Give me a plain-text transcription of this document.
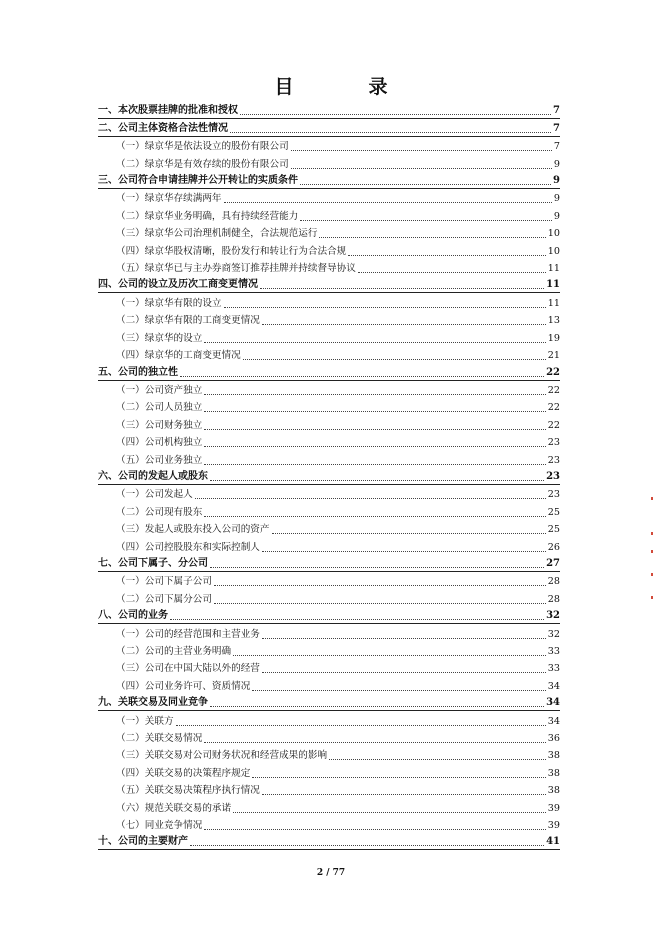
目　录
一、本次股票挂牌的批准和授权	7
二、公司主体资格合法性情况	7
（一）绿京华是依法设立的股份有限公司	7
（二）绿京华是有效存续的股份有限公司	9
三、公司符合申请挂牌并公开转让的实质条件	9
（一）绿京华存续满两年	9
（二）绿京华业务明确，具有持续经营能力	9
（三）绿京华公司治理机制健全，合法规范运行	10
（四）绿京华股权清晰，股份发行和转让行为合法合规	10
（五）绿京华已与主办券商签订推荐挂牌并持续督导协议	11
四、公司的设立及历次工商变更情况	11
（一）绿京华有限的设立	11
（二）绿京华有限的工商变更情况	13
（三）绿京华的设立	19
（四）绿京华的工商变更情况	21
五、公司的独立性	22
（一）公司资产独立	22
（二）公司人员独立	22
（三）公司财务独立	22
（四）公司机构独立	23
（五）公司业务独立	23
六、公司的发起人或股东	23
（一）公司发起人	23
（二）公司现有股东	25
（三）发起人或股东投入公司的资产	25
（四）公司控股股东和实际控制人	26
七、公司下属子、分公司	27
（一）公司下属子公司	28
（二）公司下属分公司	28
八、公司的业务	32
（一）公司的经营范围和主营业务	32
（二）公司的主营业务明确	33
（三）公司在中国大陆以外的经营	33
（四）公司业务许可、资质情况	34
九、关联交易及同业竞争	34
（一）关联方	34
（二）关联交易情况	36
（三）关联交易对公司财务状况和经营成果的影响	38
（四）关联交易的决策程序规定	38
（五）关联交易决策程序执行情况	38
（六）规范关联交易的承诺	39
（七）同业竞争情况	39
十、公司的主要财产	41
2 / 77
